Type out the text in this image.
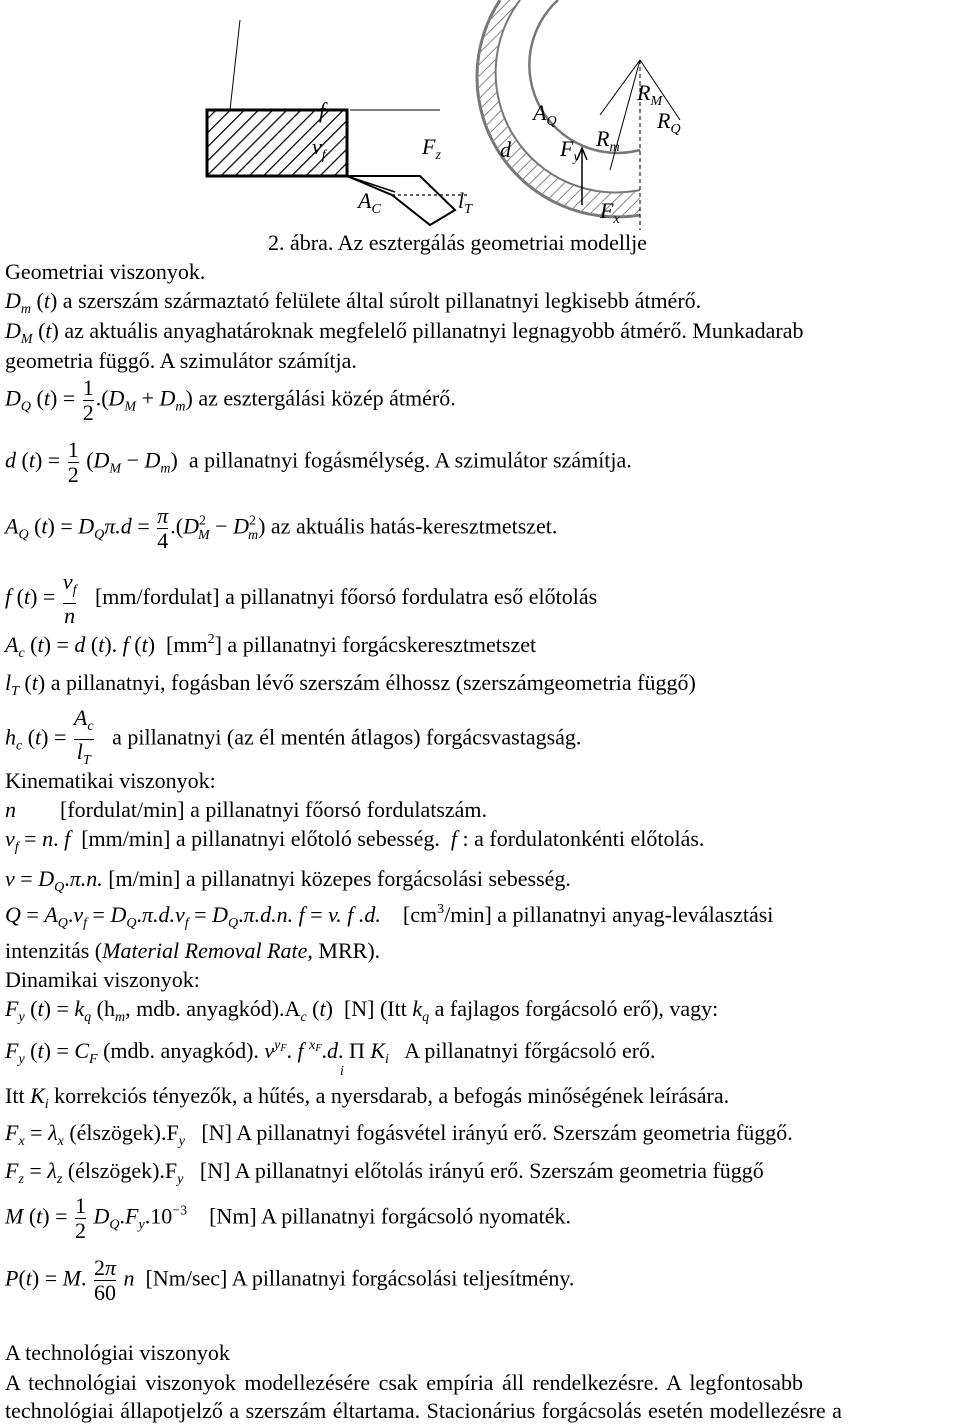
f
$v_f$	$F_z$	d
$A_Q$
$F_y$
$R_m$
$R_M$
$R_Q$
$A_C$	$l_T$	$F_x$
2. ábra. Az esztergálás geometriai modellje
Geometriai viszonyok.
$D_m$ (t) a szerszám származtató felülete által súrolt pillanatnyi legkisebb átmérő.
$D_M$ (t) az aktuális anyaghatároknak megfelelő pillanatnyi legnagyobb átmérő. Munkadarab
geometria függő. A szimulátor számítja.
$D_Q$ $(t) = \frac{1}{2} .(D_M + D_m)$ az esztergálási közép átmérő.
d $(t) = \frac{1}{2} (D_M - D_m)$  a pillanatnyi fogásmélység. A szimulátor számítja.
$A_Q$ $(t) = D_Q\pi.d = \frac{\pi}{4} .(D^2_M - D^2_m)$ az aktuális hatás-keresztmetszet.
f $(t) = \frac{v_f}{n}$ [mm/fordulat] a pillanatnyi főorsó fordulatra eső előtolás
$A_c$ (t) = d (t). f (t)  $[mm^2]$ a pillanatnyi forgácskeresztmetszet
$l_T$ (t) a pillanatnyi, fogásban lévő szerszám élhossz (szerszámgeometria függő)
$h_c$ $(t) = \frac{A_c}{l_T}$ a pillanatnyi (az él mentén átlagos) forgácsvastagság.
Kinematikai viszonyok:
n [fordulat/min] a pillanatnyi főorsó fordulatszám.
$v_f = n$. f [mm/min] a pillanatnyi előtoló sebesség. f : a fordulatonkénti előtolás.
$v = D_Q.\pi.n$. [m/min] a pillanatnyi közepes forgácsolási sebesség.
$Q = A_Q.v_f = D_Q.\pi.d.v_f = D_Q.\pi.d.n$. f = v. f .d. $[cm^3/\min]$ a pillanatnyi anyag-leválasztási
intenzitás (Material Removal Rate, MRR).
Dinamikai viszonyok:
$F_y$ $(t) = k_q$ ($h_m$, mdb. $anyagkód).A_c$ (t)  [N] (Itt $k_q$ a fajlagos forgácsoló erő), vagy:
$F_y$ $(t) = C_F$ (mdb. anyagkód). $v^{y_F}$. f $^{x_F}$.d. Π $K_i$ A pillanatnyi főrgácsoló erő.
i
Itt $K_i$ korrekciós tényezők, a hűtés, a nyersdarab, a befogás minőségének leírására.
$F_x = \lambda_x$ $(élszögek).F_y$ [N] A pillanatnyi fogásvétel irányú erő. Szerszám geometria függő.
$F_z = \lambda_z$ $(élszögek).F_y$ [N] A pillanatnyi előtolás irányú erő. Szerszám geometria függő
M $(t) = \frac{1}{2} D_Q.F_y.10^{-3}$ [Nm] A pillanatnyi forgácsoló nyomaték.
P(t) = M. $\frac{2\pi}{60}$ n [Nm/sec] A pillanatnyi forgácsolási teljesítmény.
A technológiai viszonyok
A technológiai viszonyok modellezésére csak empíria áll rendelkezésre. A legfontosabb
technológiai állapotjelző a szerszám éltartama. Stacionárius forgácsolás esetén modellezésre a
